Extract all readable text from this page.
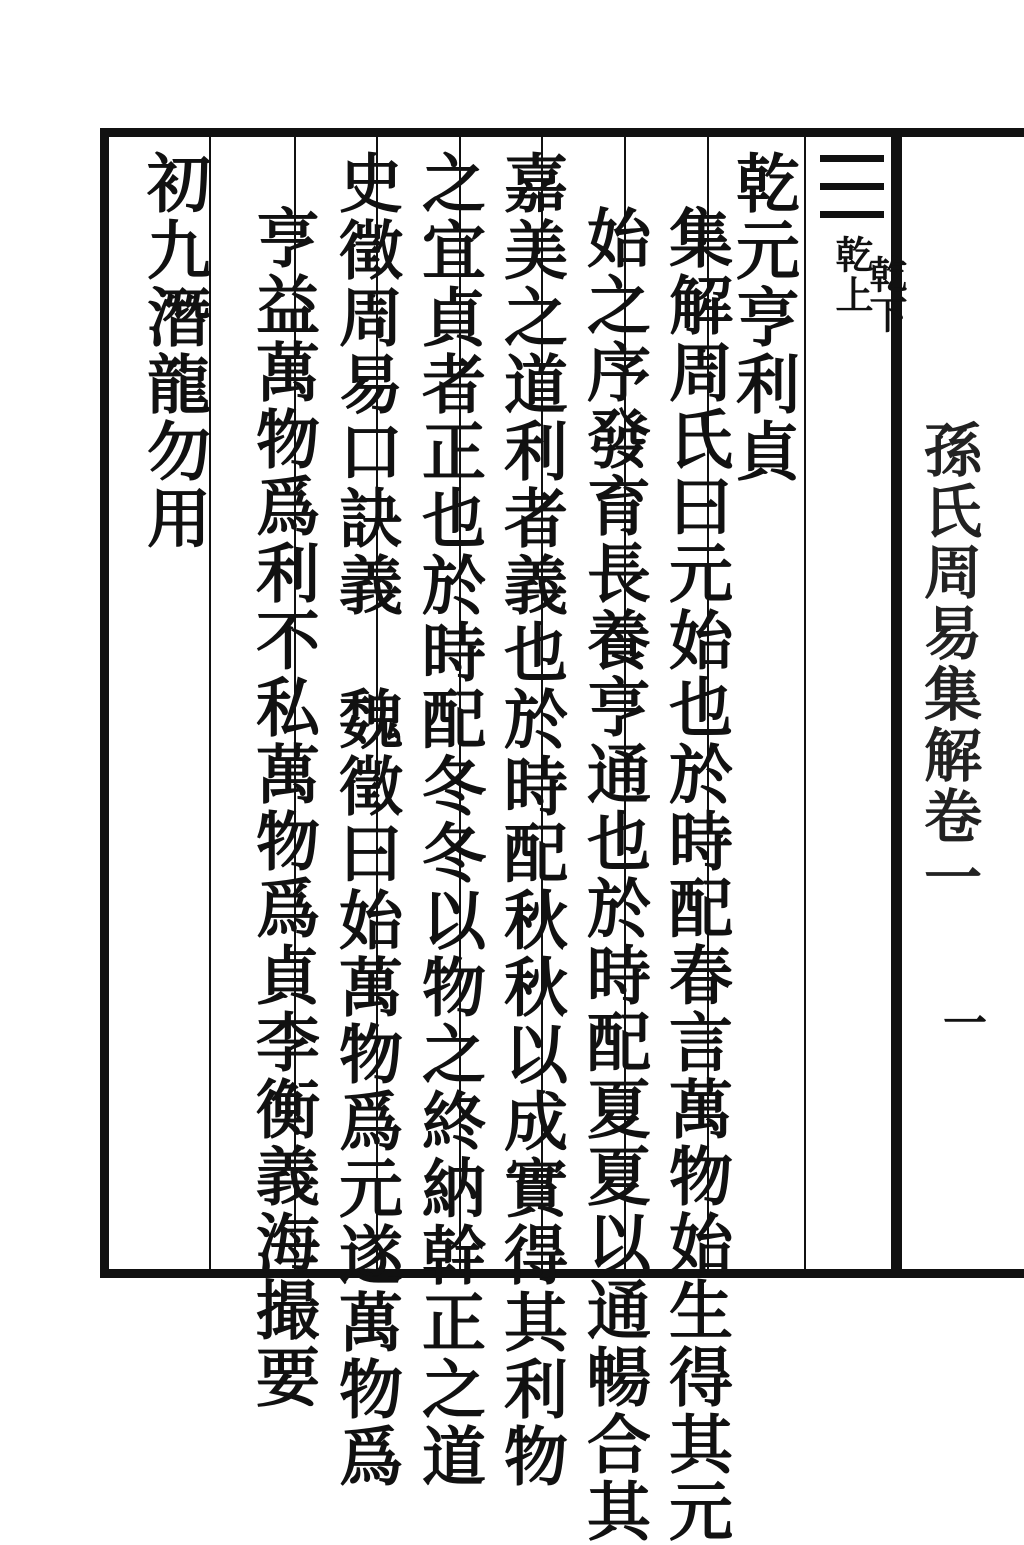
乾上
乾下
孫氏周易集解卷一
一
乾元亨利貞
集解周氏曰元始也於時配春言萬物始生得其元
始之序發育長養亨通也於時配夏夏以通暢合其
嘉美之道利者義也於時配秋秋以成實得其利物
之宜貞者正也於時配冬冬以物之終納幹正之道
史徵周易口訣義　魏徵曰始萬物爲元遂萬物爲
亨益萬物爲利不私萬物爲貞李衡義海撮要
初九潛龍勿用
